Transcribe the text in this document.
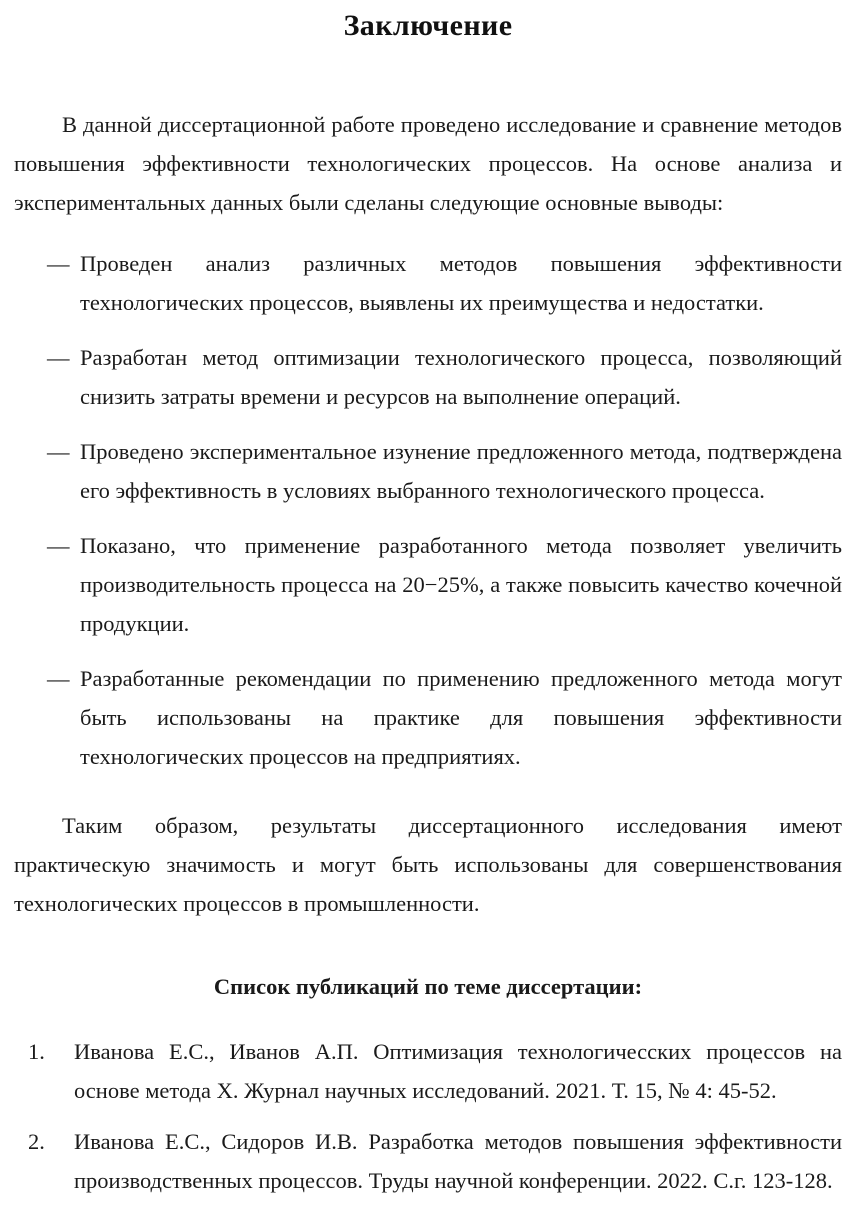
Заключение

В данной диссертационной работе проведено исследование и сравнение методов повышения эффективности технологических процессов. На основе анализа и экспериментальных данных были сделаны следующие основные выводы:

— Проведен анализ различных методов повышения эффективности технологических процессов, выявлены их преимущества и недостатки.
— Разработан метод оптимизации технологического процесса, позволяющий снизить затраты времени и ресурсов на выполнение операций.
— Проведено экспериментальное изунение предложенного метода, подтверждена его эффективность в условиях выбранного технологического процесса.
— Показано, что применение разработанного метода позволяет увеличить производительность процесса на 20−25%, а также повысить качество кочечной продукции.
— Разработанные рекомендации по применению предложенного метода могут быть использованы на практике для повышения эффективности технологических процессов на предприятиях.

Таким образом, результаты диссертационного исследования имеют практическую значимость и могут быть использованы для совершенствования технологических процессов в промышленности.

Список публикаций по теме диссертации:
1. Иванова Е.С., Иванов А.П. Оптимизация технологичесских процессов на основе метода X. Журнал научных исследований. 2021. Т. 15, № 4: 45-52.
2. Иванова Е.С., Сидоров И.В. Разработка методов повышения эффективности производственных процессов. Труды научной конференции. 2022. С.г. 123-128.
